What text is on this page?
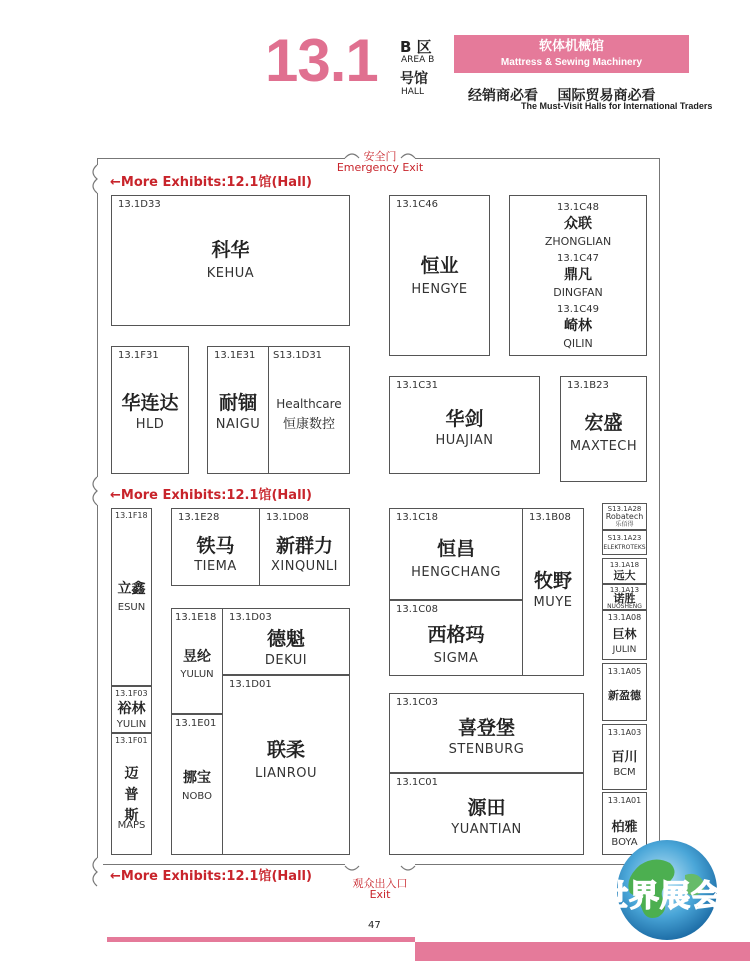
13.1 B 区
AREA B
号馆
HALL
软体机械馆
Mattress & Sewing Machinery
经销商必看    国际贸易商必看
The Must-Visit Halls for International Traders
安全门
Emergency Exit
←More Exhibits:12.1馆(Hall)
←More Exhibits:12.1馆(Hall)
←More Exhibits:12.1馆(Hall)	观众出入口
Exit
13.1D33
科华
KEHUA
13.1F31
华连达
HLD
13.1E31
耐锢
NAIGU
S13.1D31
Healthcare
恒康数控
13.1C46
恒业
HENGYE
13.1C48
众联
ZHONGLIAN
13.1C47
鼎凡
DINGFAN
13.1C49
崎林
QILIN
13.1C31
华剑
HUAJIAN
13.1B23
宏盛
MAXTECH
13.1F18
立鑫
ESUN
13.1F03
裕林
YULIN
13.1F01
迈普斯
MAPS
13.1E28
铁马
TIEMA
13.1D08
新群力
XINQUNLI
13.1E18
昱纶
YULUN
13.1D03
德魁
DEKUI
13.1E01
挪宝
NOBO
13.1D01
联柔
LIANROU
13.1C18
恒昌
HENGCHANG
13.1B08
牧野
MUYE
13.1C08
西格玛
SIGMA
13.1C03
喜登堡
STENBURG
13.1C01
源田
YUANTIAN
S13.1A28
Robatech
乐佰得
S13.1A23
ELEKTROTEKS
13.1A18
远大
13.1A13
诺胜
NUOSHENG
13.1A08
巨林
JULIN
13.1A05
新盈德
13.1A03
百川
BCM
13.1A01
柏雅
BOYA
47
世界展会
